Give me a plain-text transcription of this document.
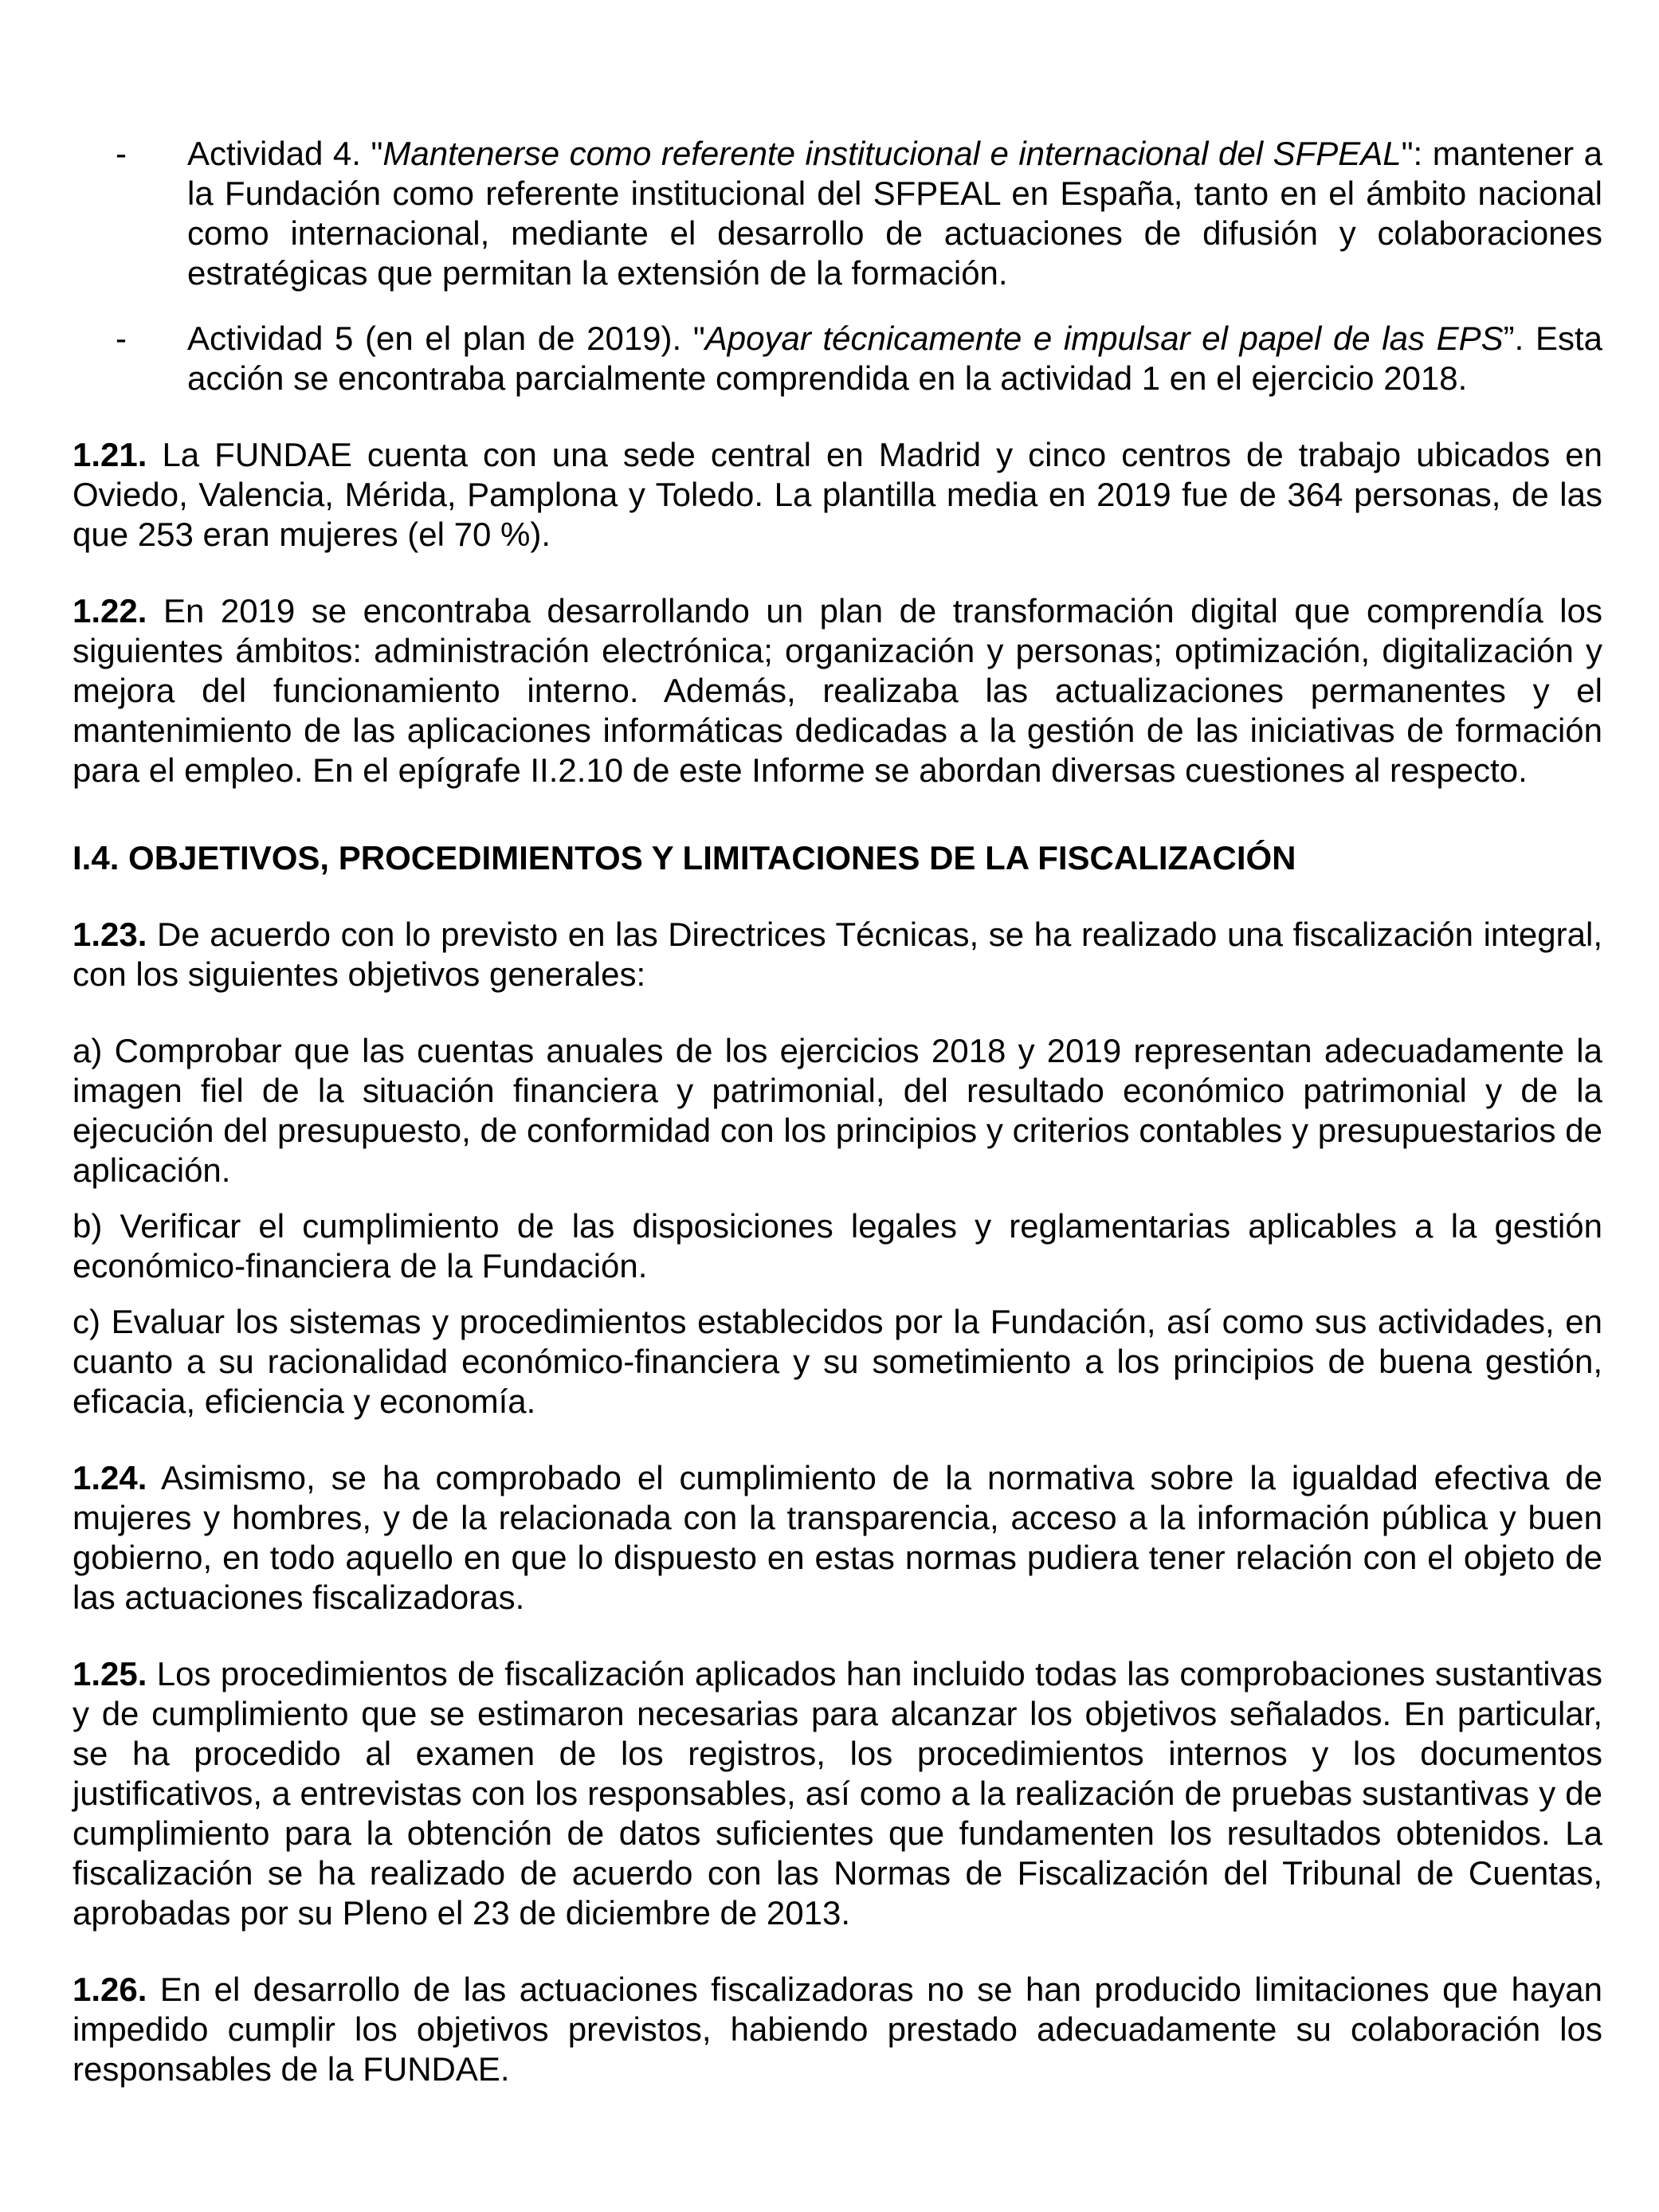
- Actividad 4. "Mantenerse como referente institucional e internacional del SFPEAL": mantener a la Fundación como referente institucional del SFPEAL en España, tanto en el ámbito nacional como internacional, mediante el desarrollo de actuaciones de difusión y colaboraciones estratégicas que permitan la extensión de la formación.
- Actividad 5 (en el plan de 2019). "Apoyar técnicamente e impulsar el papel de las EPS”. Esta acción se encontraba parcialmente comprendida en la actividad 1 en el ejercicio 2018.

1.21. La FUNDAE cuenta con una sede central en Madrid y cinco centros de trabajo ubicados en Oviedo, Valencia, Mérida, Pamplona y Toledo. La plantilla media en 2019 fue de 364 personas, de las que 253 eran mujeres (el 70 %).

1.22. En 2019 se encontraba desarrollando un plan de transformación digital que comprendía los siguientes ámbitos: administración electrónica; organización y personas; optimización, digitalización y mejora del funcionamiento interno. Además, realizaba las actualizaciones permanentes y el mantenimiento de las aplicaciones informáticas dedicadas a la gestión de las iniciativas de formación para el empleo. En el epígrafe II.2.10 de este Informe se abordan diversas cuestiones al respecto.

I.4. OBJETIVOS, PROCEDIMIENTOS Y LIMITACIONES DE LA FISCALIZACIÓN

1.23. De acuerdo con lo previsto en las Directrices Técnicas, se ha realizado una fiscalización integral, con los siguientes objetivos generales:

a) Comprobar que las cuentas anuales de los ejercicios 2018 y 2019 representan adecuadamente la imagen fiel de la situación financiera y patrimonial, del resultado económico patrimonial y de la ejecución del presupuesto, de conformidad con los principios y criterios contables y presupuestarios de aplicación.

b) Verificar el cumplimiento de las disposiciones legales y reglamentarias aplicables a la gestión económico-financiera de la Fundación.

c) Evaluar los sistemas y procedimientos establecidos por la Fundación, así como sus actividades, en cuanto a su racionalidad económico-financiera y su sometimiento a los principios de buena gestión, eficacia, eficiencia y economía.

1.24. Asimismo, se ha comprobado el cumplimiento de la normativa sobre la igualdad efectiva de mujeres y hombres, y de la relacionada con la transparencia, acceso a la información pública y buen gobierno, en todo aquello en que lo dispuesto en estas normas pudiera tener relación con el objeto de las actuaciones fiscalizadoras.

1.25. Los procedimientos de fiscalización aplicados han incluido todas las comprobaciones sustantivas y de cumplimiento que se estimaron necesarias para alcanzar los objetivos señalados. En particular, se ha procedido al examen de los registros, los procedimientos internos y los documentos justificativos, a entrevistas con los responsables, así como a la realización de pruebas sustantivas y de cumplimiento para la obtención de datos suficientes que fundamenten los resultados obtenidos. La fiscalización se ha realizado de acuerdo con las Normas de Fiscalización del Tribunal de Cuentas, aprobadas por su Pleno el 23 de diciembre de 2013.

1.26. En el desarrollo de las actuaciones fiscalizadoras no se han producido limitaciones que hayan impedido cumplir los objetivos previstos, habiendo prestado adecuadamente su colaboración los responsables de la FUNDAE.
